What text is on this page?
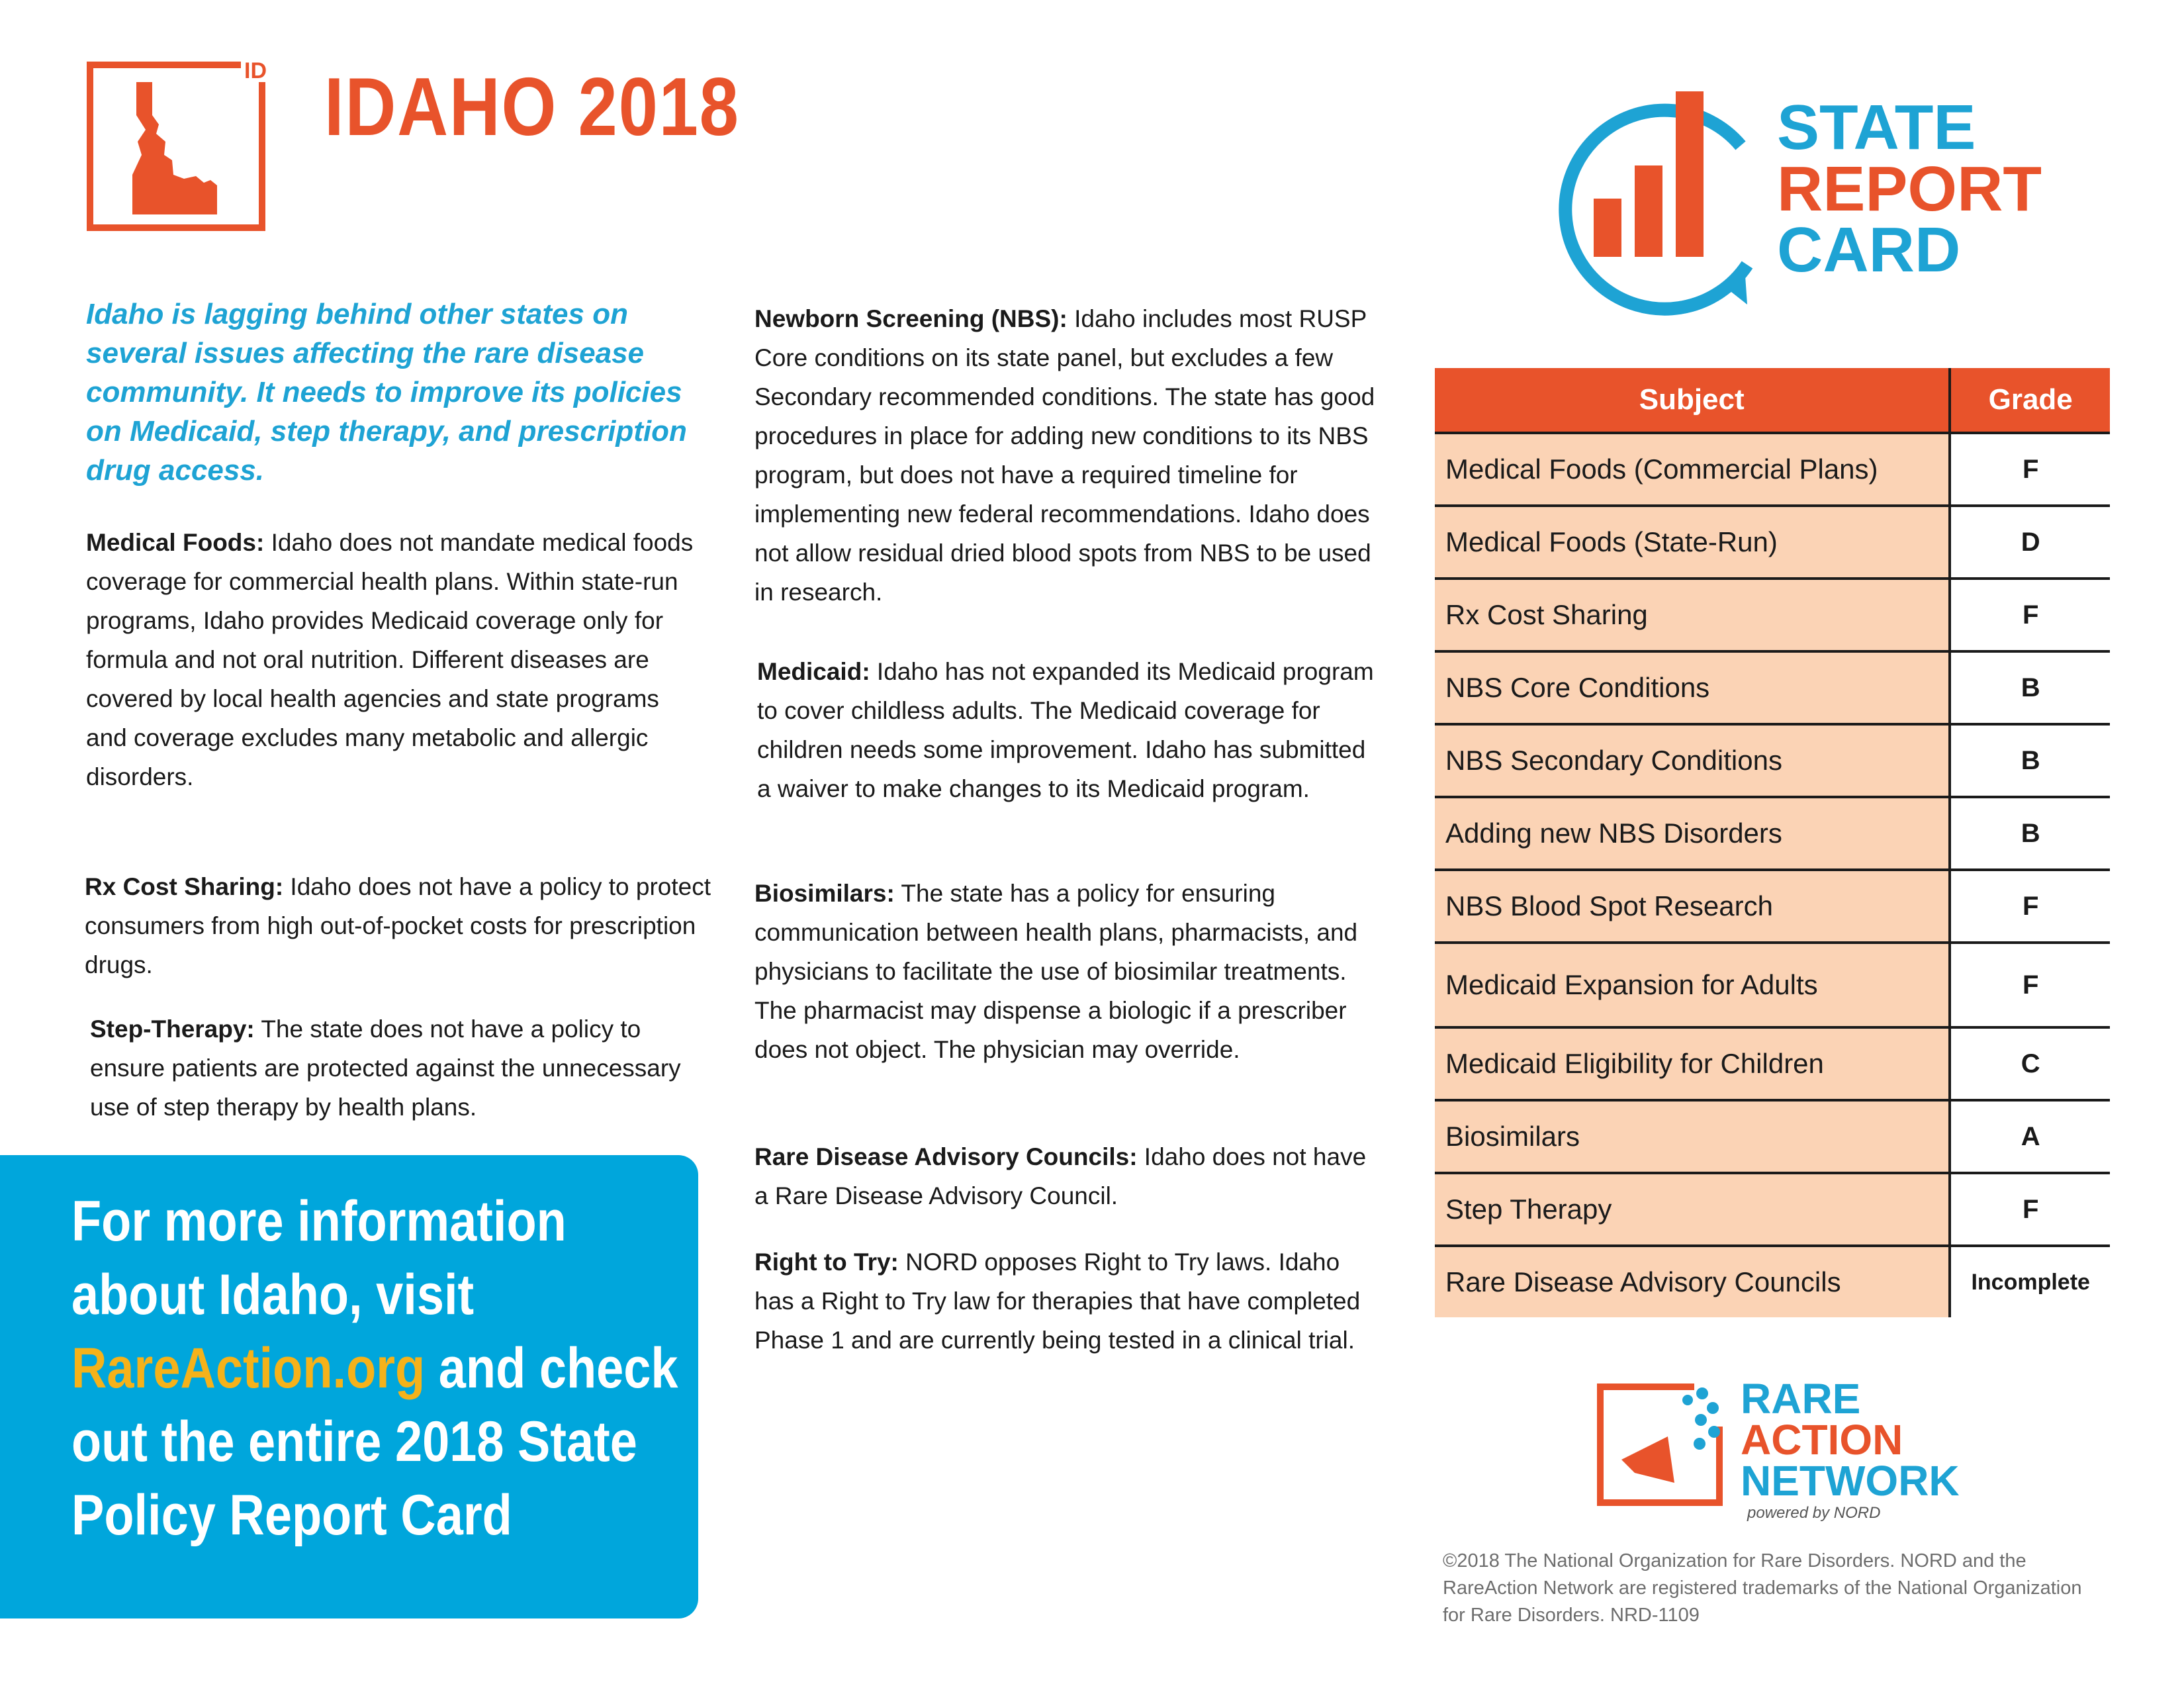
ID IDAHO 2018
Idaho is lagging behind other states on several issues affecting the rare disease community. It needs to improve its policies on Medicaid, step therapy, and prescription drug access.
Medical Foods: Idaho does not mandate medical foods coverage for commercial health plans. Within state-run programs, Idaho provides Medicaid coverage only for formula and not oral nutrition. Different diseases are covered by local health agencies and state programs and coverage excludes many metabolic and allergic disorders.
Rx Cost Sharing: Idaho does not have a policy to protect consumers from high out-of-pocket costs for prescription drugs.
Step-Therapy: The state does not have a policy to ensure patients are protected against the unnecessary use of step therapy by health plans.
Newborn Screening (NBS): Idaho includes most RUSP Core conditions on its state panel, but excludes a few Secondary recommended conditions. The state has good procedures in place for adding new conditions to its NBS program, but does not have a required timeline for implementing new federal recommendations. Idaho does not allow residual dried blood spots from NBS to be used in research.
Medicaid: Idaho has not expanded its Medicaid program to cover childless adults. The Medicaid coverage for children needs some improvement. Idaho has submitted a waiver to make changes to its Medicaid program.
Biosimilars: The state has a policy for ensuring communication between health plans, pharmacists, and physicians to facilitate the use of biosimilar treatments. The pharmacist may dispense a biologic if a prescriber does not object. The physician may override.
Rare Disease Advisory Councils: Idaho does not have a Rare Disease Advisory Council.
Right to Try: NORD opposes Right to Try laws. Idaho has a Right to Try law for therapies that have completed Phase 1 and are currently being tested in a clinical trial.
For more information about Idaho, visit RareAction.org and check out the entire 2018 State Policy Report Card
STATE
REPORT
CARD
Subject	Grade
Medical Foods (Commercial Plans)	F
Medical Foods (State-Run)	D
Rx Cost Sharing	F
NBS Core Conditions	B
NBS Secondary Conditions	B
Adding new NBS Disorders	B
NBS Blood Spot Research	F
Medicaid Expansion for Adults	F
Medicaid Eligibility for Children	C
Biosimilars	A
Step Therapy	F
Rare Disease Advisory Councils	Incomplete
RARE
ACTION
NETWORK
powered by NORD
©2018 The National Organization for Rare Disorders. NORD and the RareAction Network are registered trademarks of the National Organization for Rare Disorders. NRD-1109
